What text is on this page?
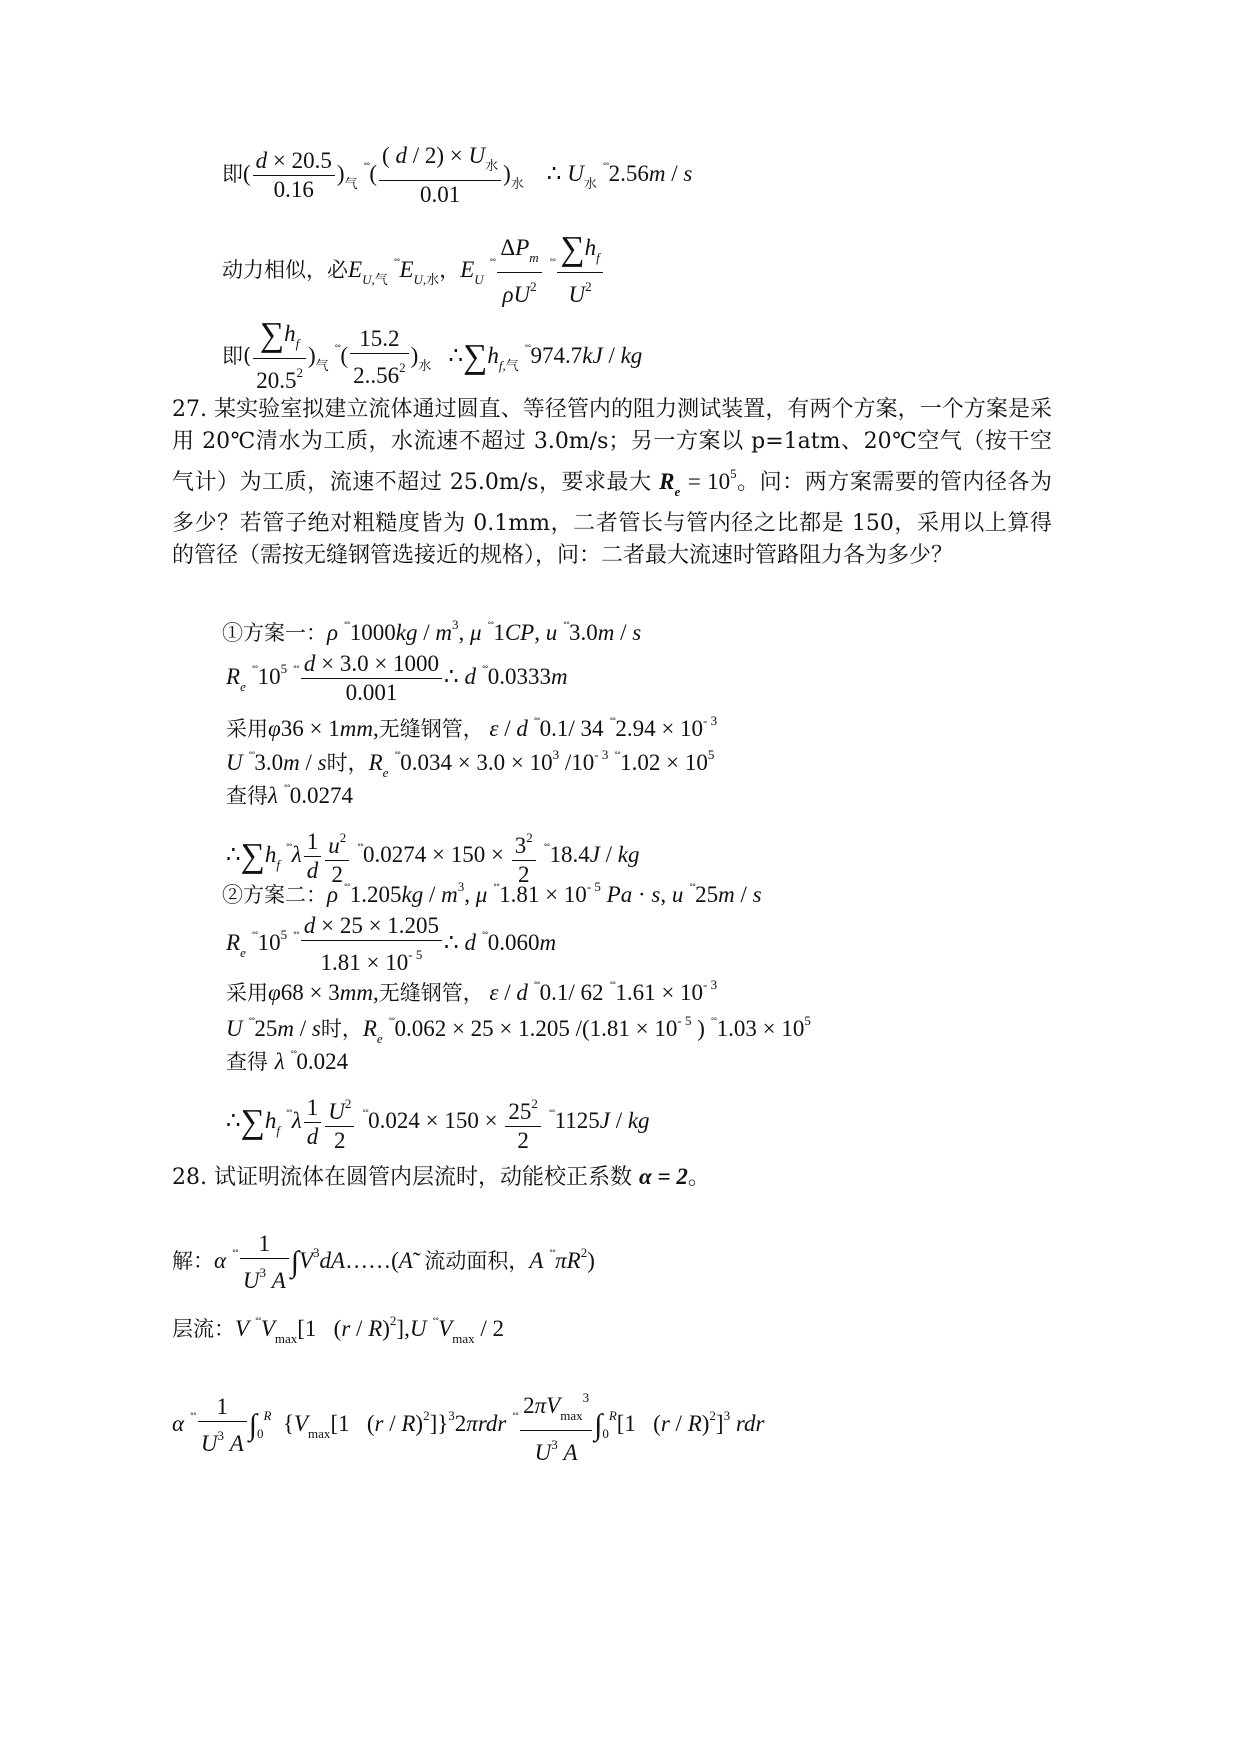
即( $\frac{d \times 20.5}{0.16} )_气$ $^{˚˚}( \frac{( d / 2) \times U_水}{0.01} )_水$ ∴ $U_水$ ˚˚2.56m / s
动力相似，必$E_{U,气}$ $^{˚˚}E_{U,水}$，$E_U$ $^{˚˚} \frac{\Delta P_m}{\rho U^2} ^{˚˚} \frac{\sum h_f}{U^2}$
即( $\frac{\sum h_f}{20.5^2} )_气$ $^{˚˚}( \frac{15.2}{2..56^2} )_水$   $\therefore\sum h_{f,气}$ ˚˚974.7kJ / kg
27. 某实验室拟建立流体通过圆直、等径管内的阻力测试装置，有两个方案，一个方案是采用 20℃清水为工质，水流速不超过 3.0m/s；另一方案以 p=1atm、20℃空气（按干空气计）为工质，流速不超过 25.0m/s，要求最大 $R_e = 10^5$。问：两方案需要的管内径各为多少？若管子绝对粗糙度皆为 0.1mm，二者管长与管内径之比都是 150，采用以上算得的管径（需按无缝钢管选接近的规格），问：二者最大流速时管路阻力各为多少？
①方案一：ρ $^{˚˚}1000kg / m^3$, μ ˚˚1CP, u ˚˚3.0m / s
$R_e$ $^{˚˚}10^5$ $^{˚˚} \frac{d \times 3.0 \times 1000}{0.001}$ ∴ d ˚˚0.0333m
采用φ36 × 1mm,无缝钢管， ε / d ˚˚0.1/ 34 $^{˚˚}2.94 \times 10^{- 3}$
U ˚˚3.0m / s时，$R_e$ $^{˚˚}0.034 \times 3.0 \times 10^3$ $/10^{- 3}$ $^{˚˚}1.02 \times 10^5$
查得λ ˚˚0.0274
$\therefore\sum h_f$ $^{˚˚}\lambda \frac{1}{d} \frac{u^2}{2} ^{˚˚}0.0274 \times 150 \times \frac{3^2}{2} ^{˚˚}18.4J$ / kg
②方案二：ρ $^{˚˚}1.205kg / m^3$, μ $^{˚˚}1.81 \times 10^{- 5}$ Pa · s, u ˚˚25m / s
$R_e$ $^{˚˚}10^5$ $^{˚˚} \frac{d \times 25 \times 1.205}{1.81 \times 10^{- 5}}$ ∴ d ˚˚0.060m
采用φ68 × 3mm,无缝钢管， ε / d ˚˚0.1/ 62 $^{˚˚}1.61 \times 10^{- 3}$
U ˚˚25m / s时，$R_e$ ˚˚0.062 × 25 × 1.205 $/(1.81 \times 10^{- 5}$ ) $^{˚˚}1.03 \times 10^5$
查得 λ ˚˚0.024
$\therefore\sum h_f$ $^{˚˚}\lambda \frac{1}{d} \frac{U^2}{2} ^{˚˚}0.024 \times 150 \times \frac{25^2}{2} ^{˚˚}1125J$ / kg
28. 试证明流体在圆管内层流时，动能校正系数 α = 2。
解：α $^{˚˚} \frac{1}{U^3 A}$ $\int V^3dA\dots\dots(Ã$  流动面积，A $^{˚˚}\pi R^2$)
层流：V $^{˚˚}V_{max}[1$   (r / R)$^2$],U $^{˚˚}V_{max} / 2$
α $^{˚˚} \frac{1}{U^3 A} \int_0^R$  {$V_{max}[1$   (r / R)$^2$]}$^3$2πrdr $^{˚˚} \frac{2\pi V_{max}^3}{U^3 A} \int_0^R[1$   (r / R)$^2$]$^3$ rdr
